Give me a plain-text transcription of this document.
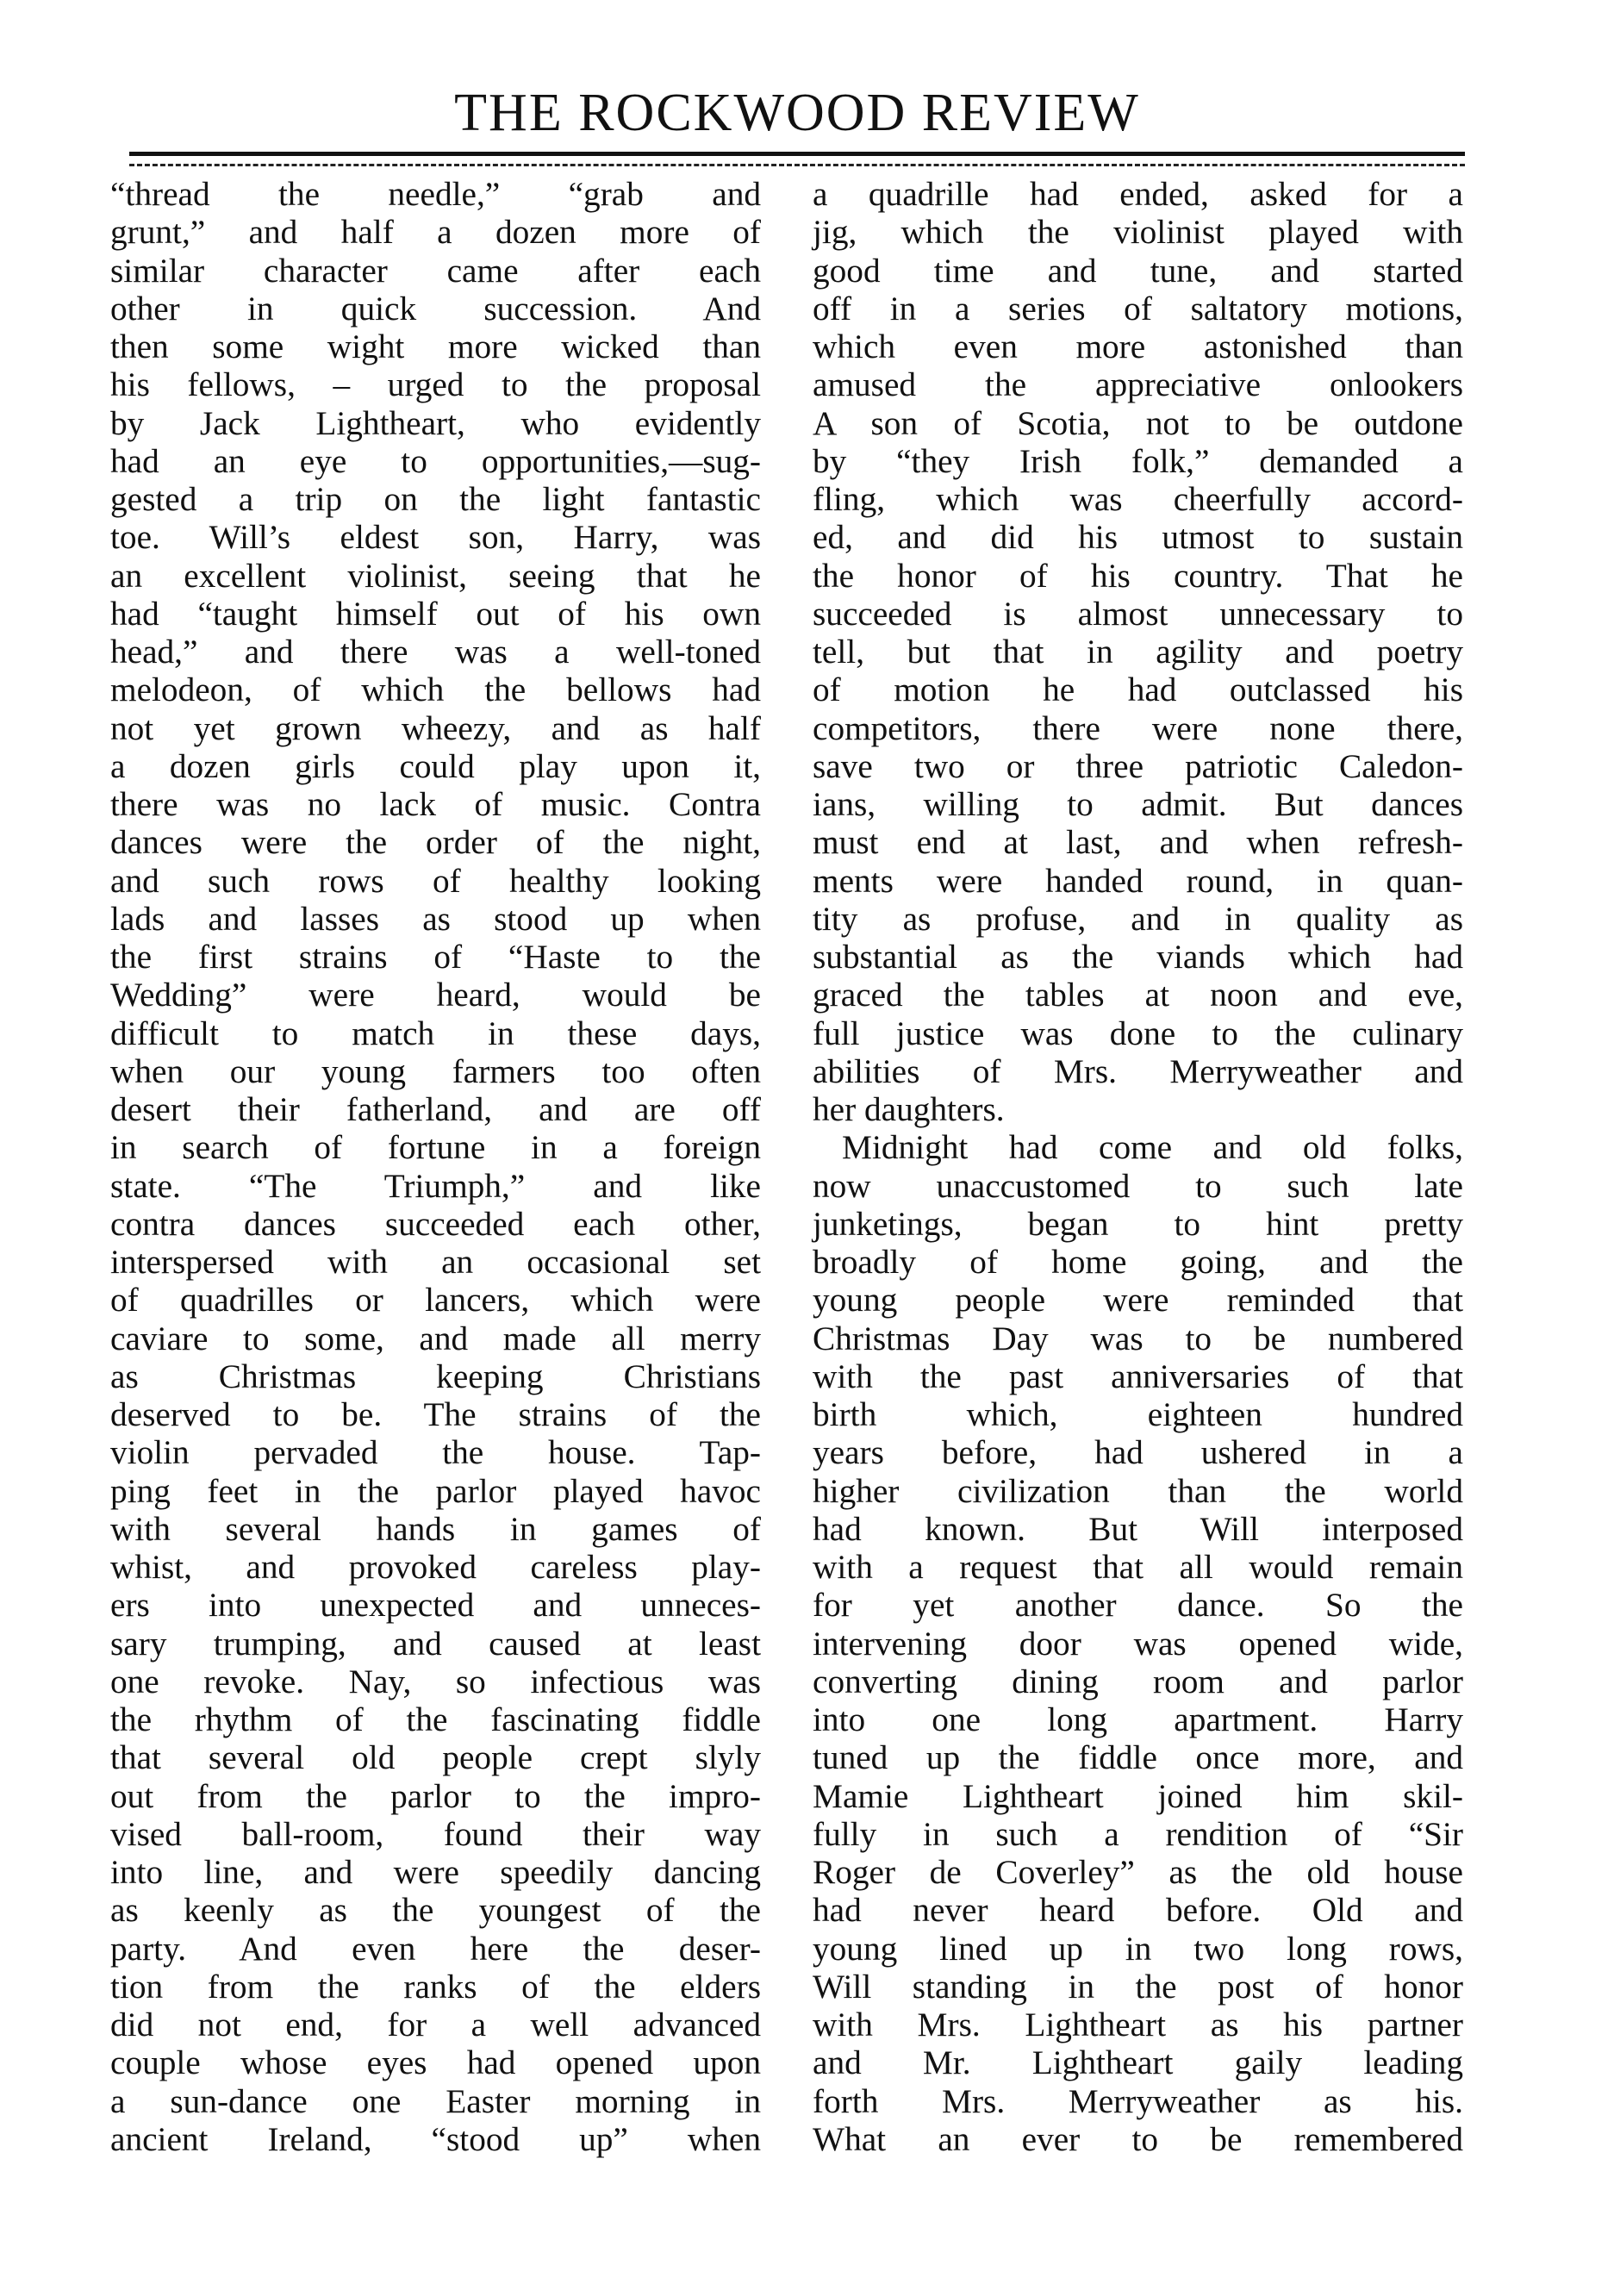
THE ROCKWOOD REVIEW
“thread the needle,” “grab and
grunt,” and half a dozen more of
similar character came after each
other in quick succession. And
then some wight more wicked than
his fellows, – urged to the proposal
by Jack Lightheart, who evidently
had an eye to opportunities,—sug-
gested a trip on the light fantastic
toe. Will’s eldest son, Harry, was
an excellent violinist, seeing that he
had “taught himself out of his own
head,” and there was a well-toned
melodeon, of which the bellows had
not yet grown wheezy, and as half
a dozen girls could play upon it,
there was no lack of music. Contra
dances were the order of the night,
and such rows of healthy looking
lads and lasses as stood up when
the first strains of “Haste to the
Wedding” were heard, would be
difficult to match in these days,
when our young farmers too often
desert their fatherland, and are off
in search of fortune in a foreign
state. “The Triumph,” and like
contra dances succeeded each other,
interspersed with an occasional set
of quadrilles or lancers, which were
caviare to some, and made all merry
as Christmas keeping Christians
deserved to be. The strains of the
violin pervaded the house. Tap-
ping feet in the parlor played havoc
with several hands in games of
whist, and provoked careless play-
ers into unexpected and unneces-
sary trumping, and caused at least
one revoke. Nay, so infectious was
the rhythm of the fascinating fiddle
that several old people crept slyly
out from the parlor to the impro-
vised ball-room, found their way
into line, and were speedily dancing
as keenly as the youngest of the
party. And even here the deser-
tion from the ranks of the elders
did not end, for a well advanced
couple whose eyes had opened upon
a sun-dance one Easter morning in
ancient Ireland, “stood up” when
a quadrille had ended, asked for a
jig, which the violinist played with
good time and tune, and started
off in a series of saltatory motions,
which even more astonished than
amused the appreciative onlookers
A son of Scotia, not to be outdone
by “they Irish folk,” demanded a
fling, which was cheerfully accord-
ed, and did his utmost to sustain
the honor of his country. That he
succeeded is almost unnecessary to
tell, but that in agility and poetry
of motion he had outclassed his
competitors, there were none there,
save two or three patriotic Caledon-
ians, willing to admit. But dances
must end at last, and when refresh-
ments were handed round, in quan-
tity as profuse, and in quality as
substantial as the viands which had
graced the tables at noon and eve,
full justice was done to the culinary
abilities of Mrs. Merryweather and
her daughters.
Midnight had come and old folks,
now unaccustomed to such late
junketings, began to hint pretty
broadly of home going, and the
young people were reminded that
Christmas Day was to be numbered
with the past anniversaries of that
birth which, eighteen hundred
years before, had ushered in a
higher civilization than the world
had known. But Will interposed
with a request that all would remain
for yet another dance. So the
intervening door was opened wide,
converting dining room and parlor
into one long apartment. Harry
tuned up the fiddle once more, and
Mamie Lightheart joined him skil-
fully in such a rendition of “Sir
Roger de Coverley” as the old house
had never heard before. Old and
young lined up in two long rows,
Will standing in the post of honor
with Mrs. Lightheart as his partner
and Mr. Lightheart gaily leading
forth Mrs. Merryweather as his.
What an ever to be remembered
